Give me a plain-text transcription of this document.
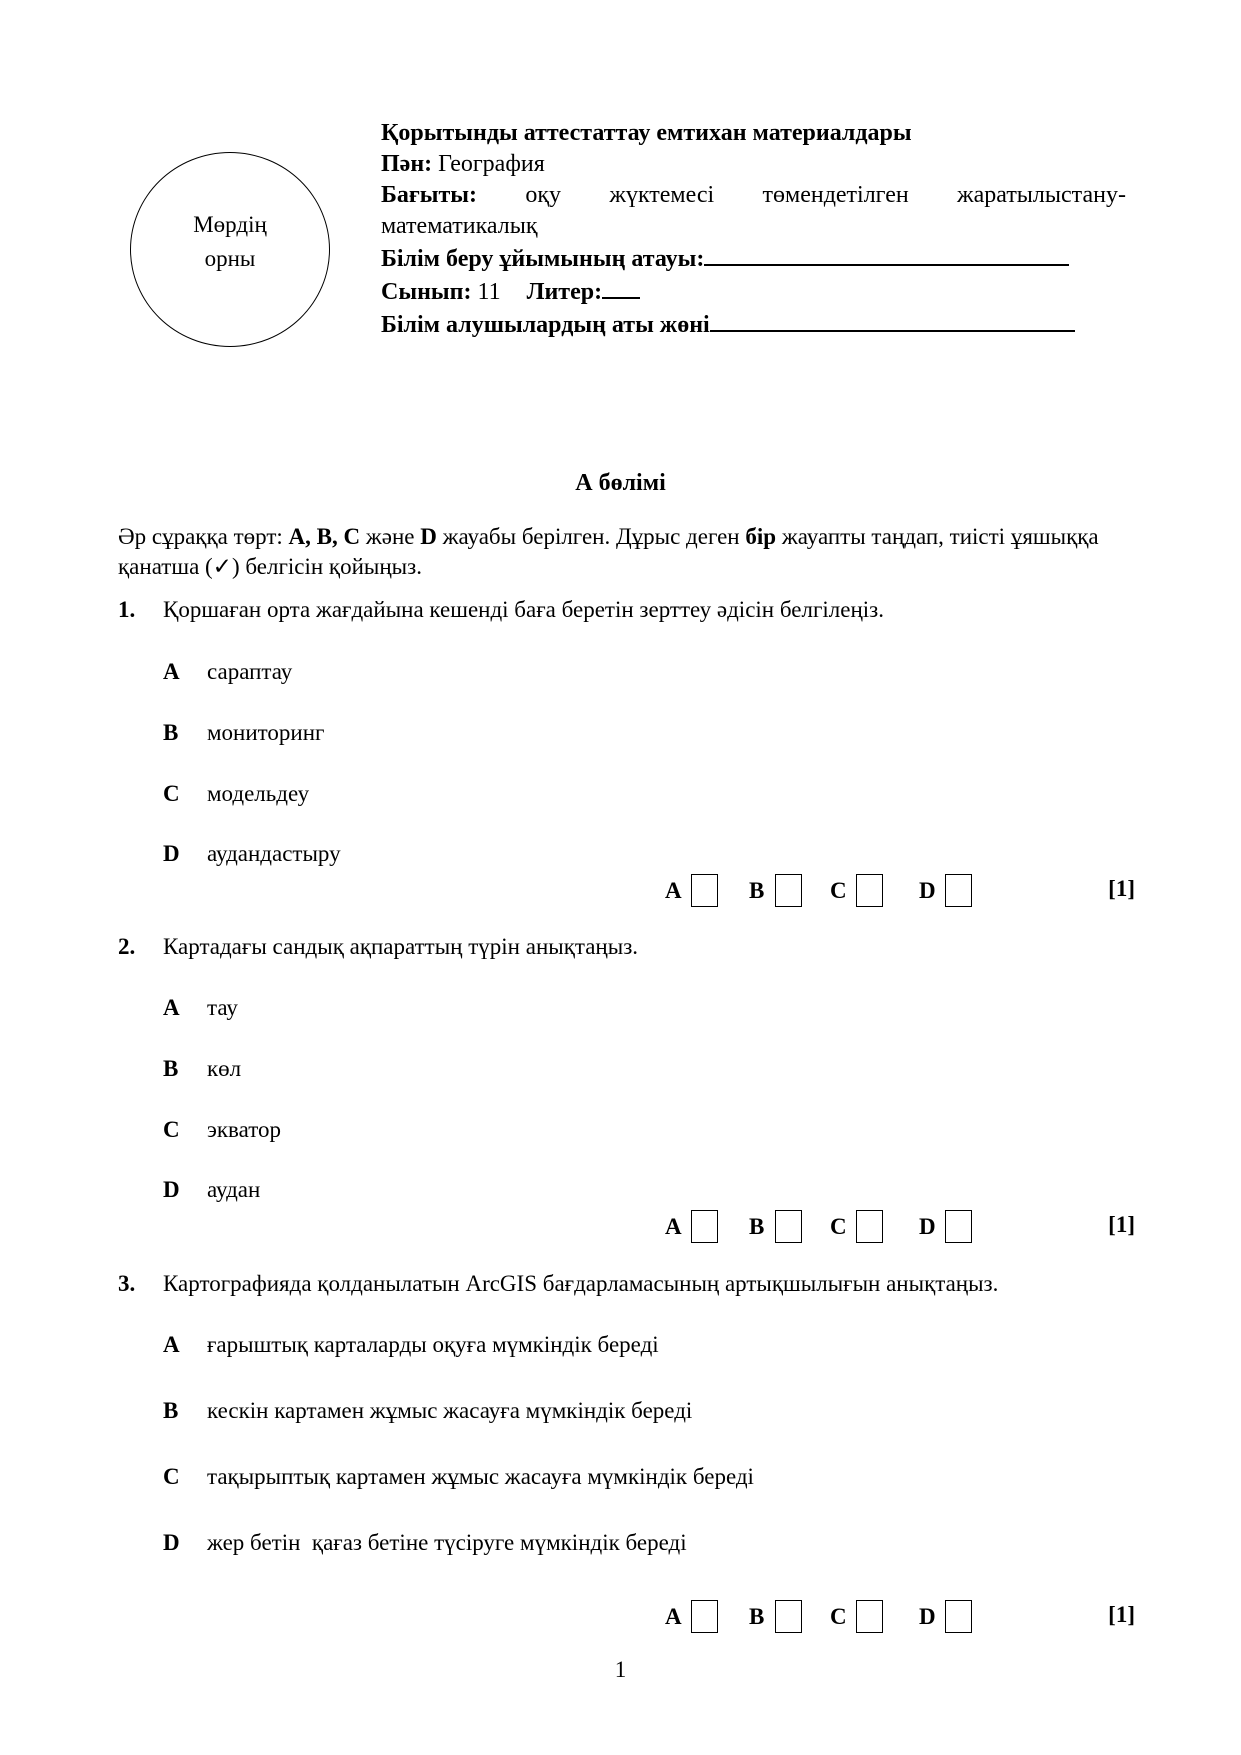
Мөрдің
орны
Қорытынды аттестаттау емтихан материалдары
Пән: География
Бағыты: оқу жүктемесі төмендетілген жаратылыстану-
математикалық
Білім беру ұйымының атауы:
Сынып: 11 Литер:
Білім алушылардың аты жөні
А бөлімі
Әр сұраққа төрт: A, B, C және D жауабы берілген. Дұрыс деген бір жауапты таңдап, тиісті ұяшыққа қанатша (✓) белгісін қойыңыз.
1. Қоршаған орта жағдайына кешенді баға беретін зерттеу әдісін белгілеңіз.
A сараптау
B мониторинг
C модельдеу
D аудандастыру
A	B	C	D	[1]
2. Картадағы сандық ақпараттың түрін анықтаңыз.
A тау
B көл
C экватор
D аудан
A	B	C	D	[1]
3. Картографияда қолданылатын ArcGIS бағдарламасының артықшылығын анықтаңыз.
A ғарыштық карталарды оқуға мүмкіндік береді
B кескін картамен жұмыс жасауға мүмкіндік береді
C тақырыптық картамен жұмыс жасауға мүмкіндік береді
D жер бетін  қағаз бетіне түсіруге мүмкіндік береді
A	B	C	D	[1]
1
